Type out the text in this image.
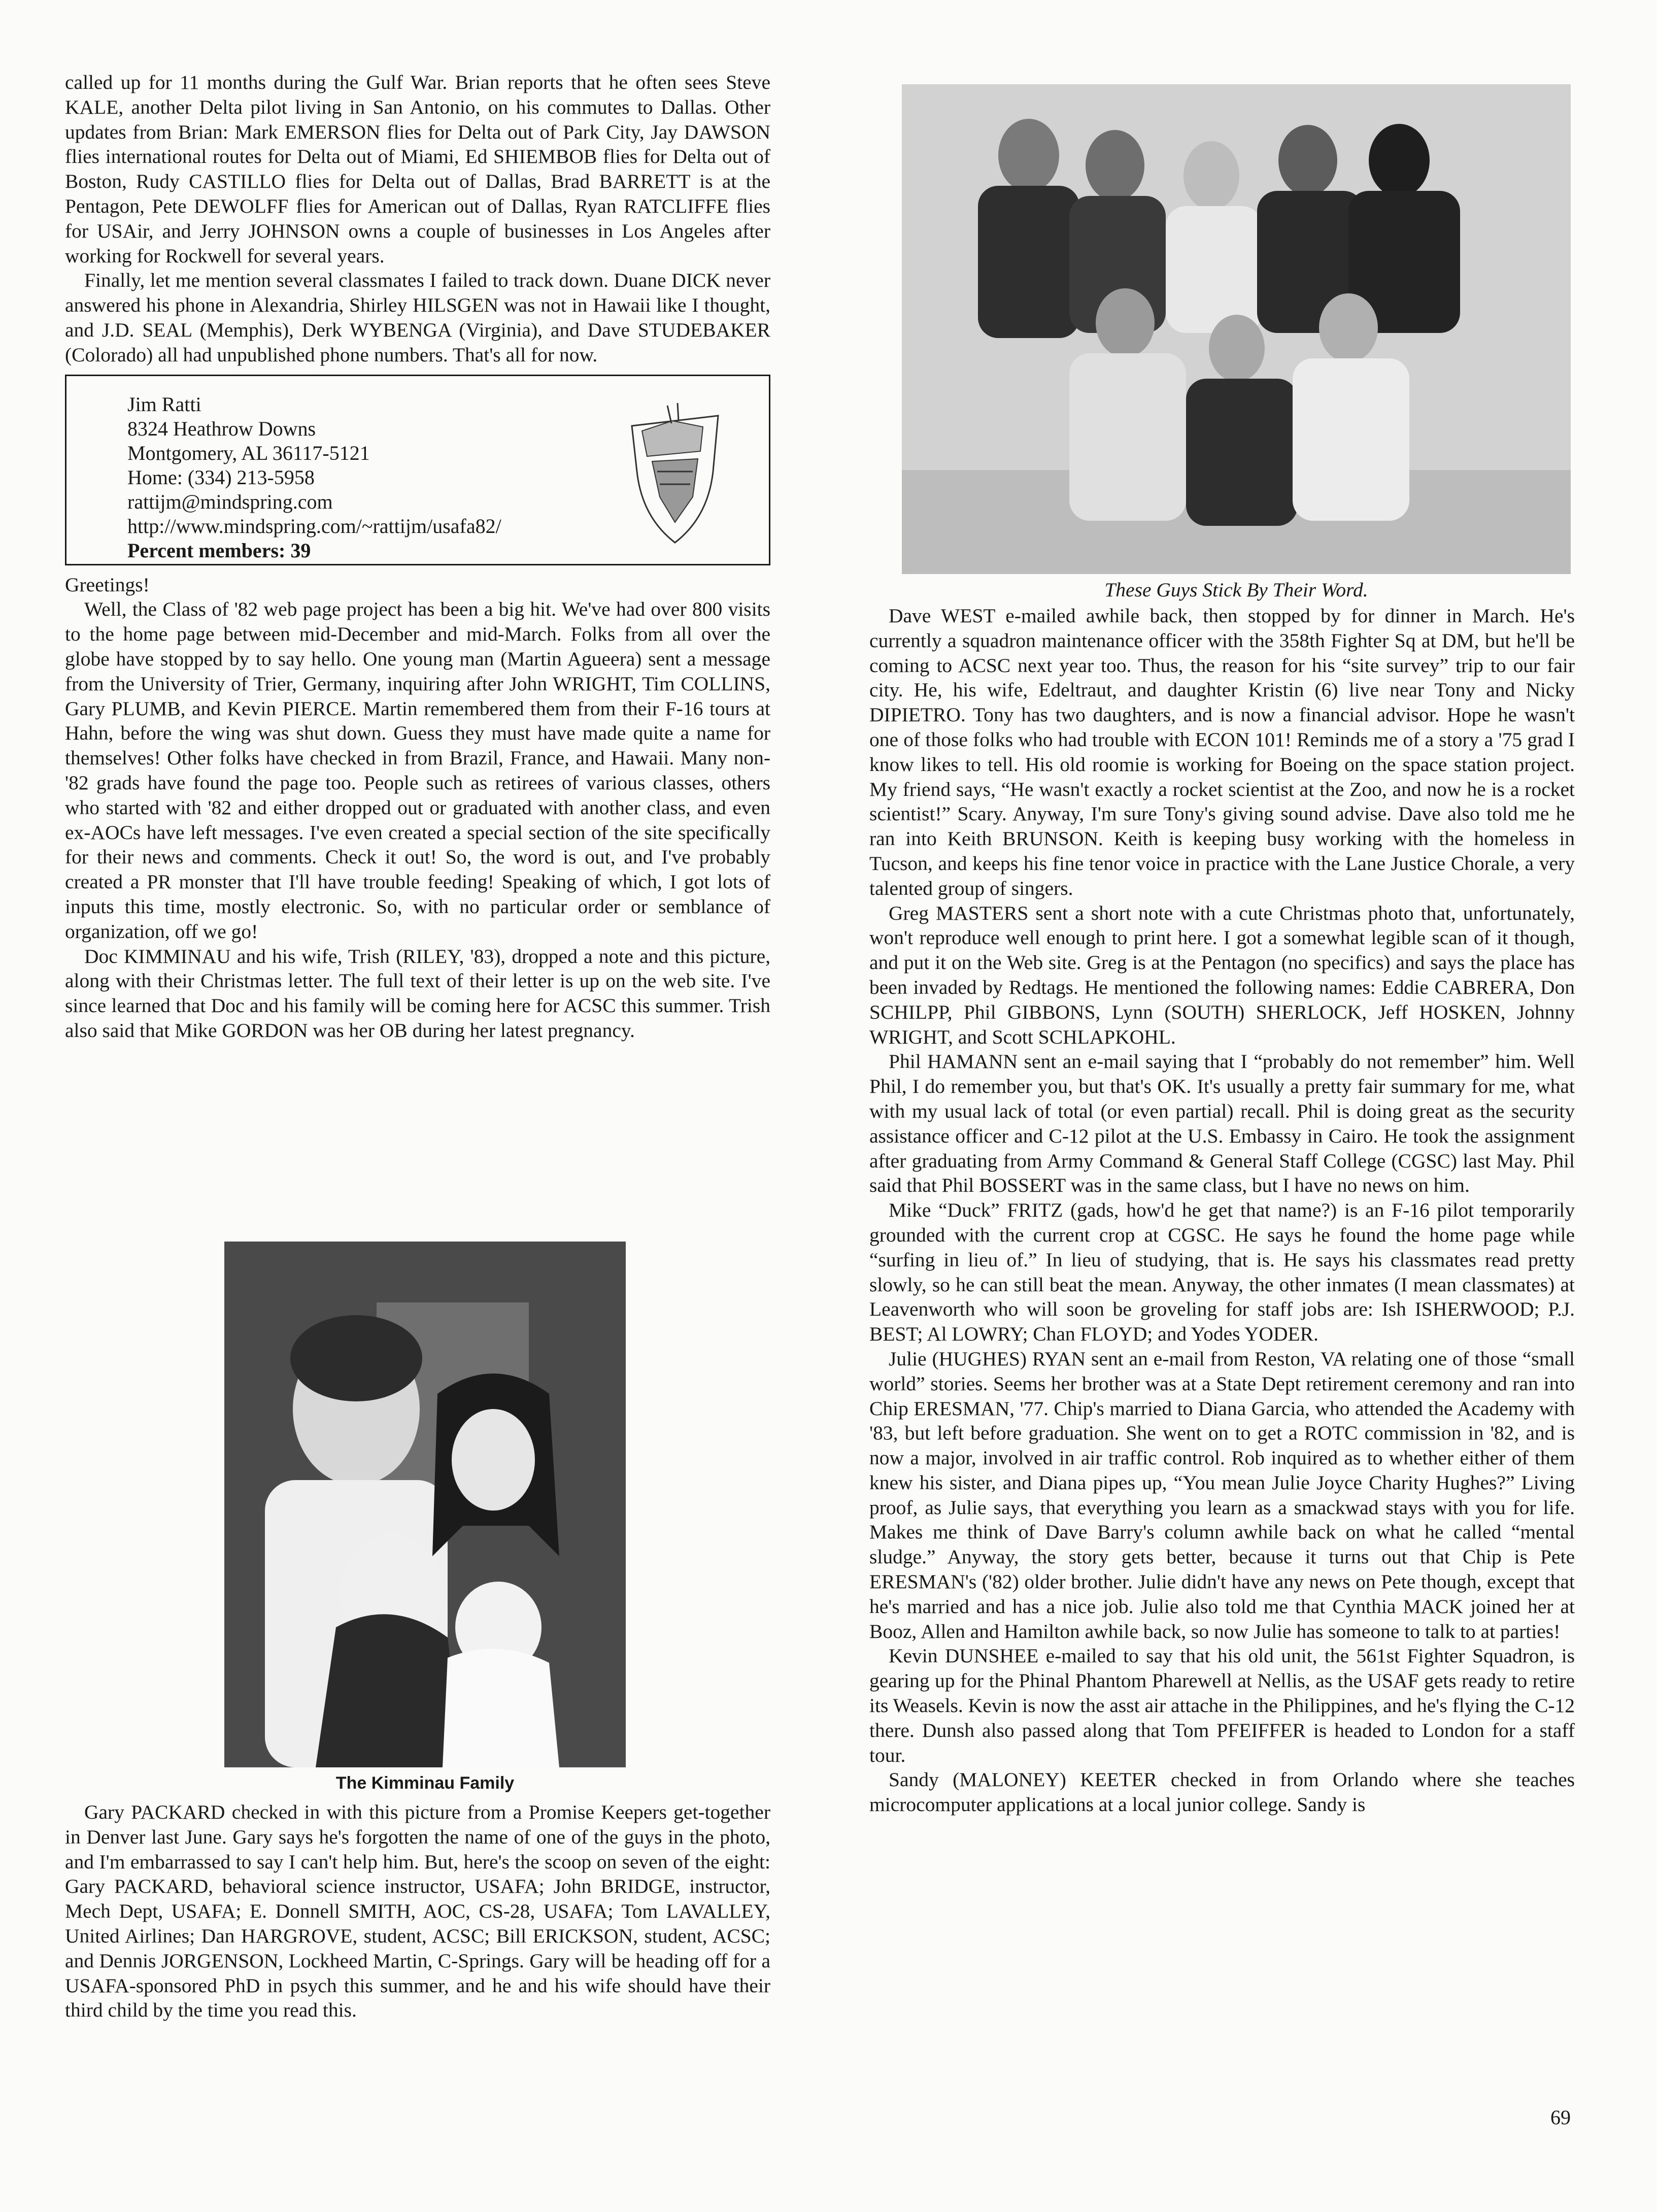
called up for 11 months during the Gulf War. Brian reports that he often sees Steve KALE, another Delta pilot living in San Antonio, on his commutes to Dallas. Other updates from Brian: Mark EMERSON flies for Delta out of Park City, Jay DAWSON flies international routes for Delta out of Miami, Ed SHIEMBOB flies for Delta out of Boston, Rudy CASTILLO flies for Delta out of Dallas, Brad BARRETT is at the Pentagon, Pete DEWOLFF flies for American out of Dallas, Ryan RATCLIFFE flies for USAir, and Jerry JOHNSON owns a couple of businesses in Los Angeles after working for Rockwell for several years.

Finally, let me mention several classmates I failed to track down. Duane DICK never answered his phone in Alexandria, Shirley HILSGEN was not in Hawaii like I thought, and J.D. SEAL (Memphis), Derk WYBENGA (Virginia), and Dave STUDEBAKER (Colorado) all had unpublished phone numbers. That's all for now.

Jim Ratti
8324 Heathrow Downs
Montgomery, AL 36117-5121
Home: (334) 213-5958
rattijm@mindspring.com
http://www.mindspring.com/~rattijm/usafa82/
Percent members: 39

Greetings!

Well, the Class of '82 web page project has been a big hit. We've had over 800 visits to the home page between mid-December and mid-March. Folks from all over the globe have stopped by to say hello. One young man (Martin Agueera) sent a message from the University of Trier, Germany, inquiring after John WRIGHT, Tim COLLINS, Gary PLUMB, and Kevin PIERCE. Martin remembered them from their F-16 tours at Hahn, before the wing was shut down. Guess they must have made quite a name for themselves! Other folks have checked in from Brazil, France, and Hawaii. Many non-'82 grads have found the page too. People such as retirees of various classes, others who started with '82 and either dropped out or graduated with another class, and even ex-AOCs have left messages. I've even created a special section of the site specifically for their news and comments. Check it out! So, the word is out, and I've probably created a PR monster that I'll have trouble feeding! Speaking of which, I got lots of inputs this time, mostly electronic. So, with no particular order or semblance of organization, off we go!

Doc KIMMINAU and his wife, Trish (RILEY, '83), dropped a note and this picture, along with their Christmas letter. The full text of their letter is up on the web site. I've since learned that Doc and his family will be coming here for ACSC this summer. Trish also said that Mike GORDON was her OB during her latest pregnancy.

The Kimminau Family

Gary PACKARD checked in with this picture from a Promise Keepers get-together in Denver last June. Gary says he's forgotten the name of one of the guys in the photo, and I'm embarrassed to say I can't help him. But, here's the scoop on seven of the eight: Gary PACKARD, behavioral science instructor, USAFA; John BRIDGE, instructor, Mech Dept, USAFA; E. Donnell SMITH, AOC, CS-28, USAFA; Tom LAVALLEY, United Airlines; Dan HARGROVE, student, ACSC; Bill ERICKSON, student, ACSC; and Dennis JORGENSON, Lockheed Martin, C-Springs. Gary will be heading off for a USAFA-sponsored PhD in psych this summer, and he and his wife should have their third child by the time you read this.

These Guys Stick By Their Word.

Dave WEST e-mailed awhile back, then stopped by for dinner in March. He's currently a squadron maintenance officer with the 358th Fighter Sq at DM, but he'll be coming to ACSC next year too. Thus, the reason for his “site survey” trip to our fair city. He, his wife, Edeltraut, and daughter Kristin (6) live near Tony and Nicky DIPIETRO. Tony has two daughters, and is now a financial advisor. Hope he wasn't one of those folks who had trouble with ECON 101! Reminds me of a story a '75 grad I know likes to tell. His old roomie is working for Boeing on the space station project. My friend says, “He wasn't exactly a rocket scientist at the Zoo, and now he is a rocket scientist!” Scary. Anyway, I'm sure Tony's giving sound advise. Dave also told me he ran into Keith BRUNSON. Keith is keeping busy working with the homeless in Tucson, and keeps his fine tenor voice in practice with the Lane Justice Chorale, a very talented group of singers.

Greg MASTERS sent a short note with a cute Christmas photo that, unfortunately, won't reproduce well enough to print here. I got a somewhat legible scan of it though, and put it on the Web site. Greg is at the Pentagon (no specifics) and says the place has been invaded by Redtags. He mentioned the following names: Eddie CABRERA, Don SCHILPP, Phil GIBBONS, Lynn (SOUTH) SHERLOCK, Jeff HOSKEN, Johnny WRIGHT, and Scott SCHLAPKOHL.

Phil HAMANN sent an e-mail saying that I “probably do not remember” him. Well Phil, I do remember you, but that's OK. It's usually a pretty fair summary for me, what with my usual lack of total (or even partial) recall. Phil is doing great as the security assistance officer and C-12 pilot at the U.S. Embassy in Cairo. He took the assignment after graduating from Army Command & General Staff College (CGSC) last May. Phil said that Phil BOSSERT was in the same class, but I have no news on him.

Mike “Duck” FRITZ (gads, how'd he get that name?) is an F-16 pilot temporarily grounded with the current crop at CGSC. He says he found the home page while “surfing in lieu of.” In lieu of studying, that is. He says his classmates read pretty slowly, so he can still beat the mean. Anyway, the other inmates (I mean classmates) at Leavenworth who will soon be groveling for staff jobs are: Ish ISHERWOOD; P.J. BEST; Al LOWRY; Chan FLOYD; and Yodes YODER.

Julie (HUGHES) RYAN sent an e-mail from Reston, VA relating one of those “small world” stories. Seems her brother was at a State Dept retirement ceremony and ran into Chip ERESMAN, '77. Chip's married to Diana Garcia, who attended the Academy with '83, but left before graduation. She went on to get a ROTC commission in '82, and is now a major, involved in air traffic control. Rob inquired as to whether either of them knew his sister, and Diana pipes up, “You mean Julie Joyce Charity Hughes?” Living proof, as Julie says, that everything you learn as a smackwad stays with you for life. Makes me think of Dave Barry's column awhile back on what he called “mental sludge.” Anyway, the story gets better, because it turns out that Chip is Pete ERESMAN's ('82) older brother. Julie didn't have any news on Pete though, except that he's married and has a nice job. Julie also told me that Cynthia MACK joined her at Booz, Allen and Hamilton awhile back, so now Julie has someone to talk to at parties!

Kevin DUNSHEE e-mailed to say that his old unit, the 561st Fighter Squadron, is gearing up for the Phinal Phantom Pharewell at Nellis, as the USAF gets ready to retire its Weasels. Kevin is now the asst air attache in the Philippines, and he's flying the C-12 there. Dunsh also passed along that Tom PFEIFFER is headed to London for a staff tour.

Sandy (MALONEY) KEETER checked in from Orlando where she teaches microcomputer applications at a local junior college. Sandy is

69
